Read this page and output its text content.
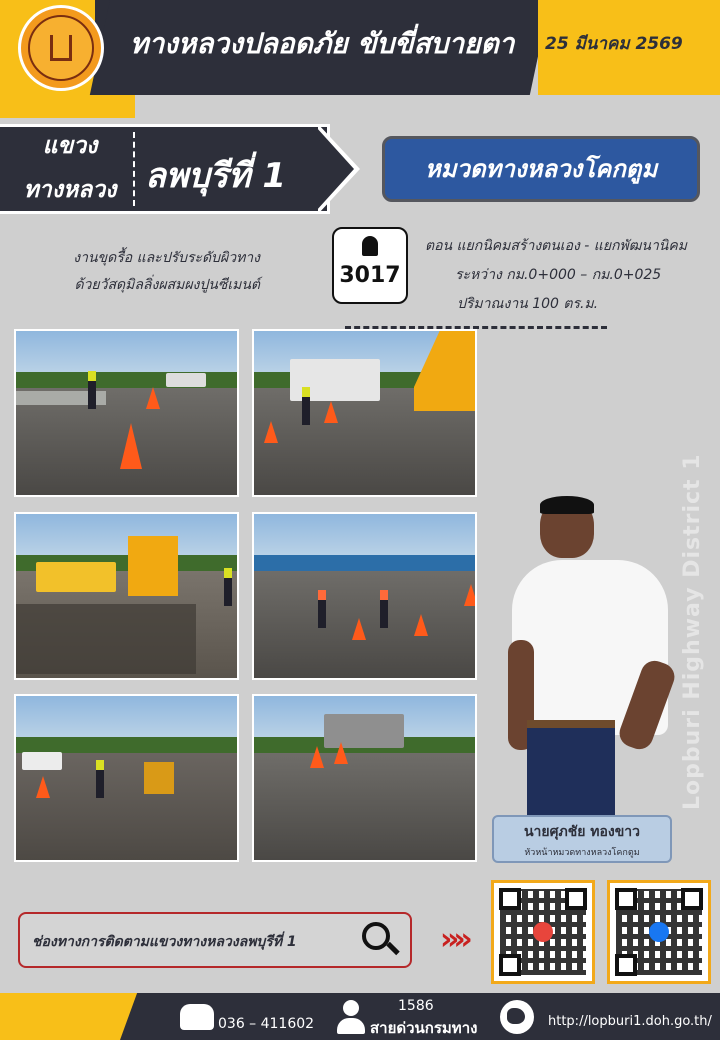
ทางหลวงปลอดภัย ขับขี่สบายตา	25 มีนาคม 2569
แขวง
ทางหลวง ลพบุรีที่ 1	หมวดทางหลวงโคกตูม
งานขุดรื้อ และปรับระดับผิวทาง
ด้วยวัสดุมิลลิ่งผสมผงปูนซีเมนต์	3017
ตอน แยกนิคมสร้างตนเอง - แยกพัฒนานิคม
ระหว่าง กม.0+000 – กม.0+025
ปริมาณงาน 100 ตร.ม.
Lopburi Highway District 1
นายศุภชัย ทองขาว
หัวหน้าหมวดทางหลวงโคกตูม
ช่องทางการติดตามแขวงทางหลวงลพบุรีที่ 1	»»
036 – 411602
1586
สายด่วนกรมทาง	http://lopburi1.doh.go.th/
